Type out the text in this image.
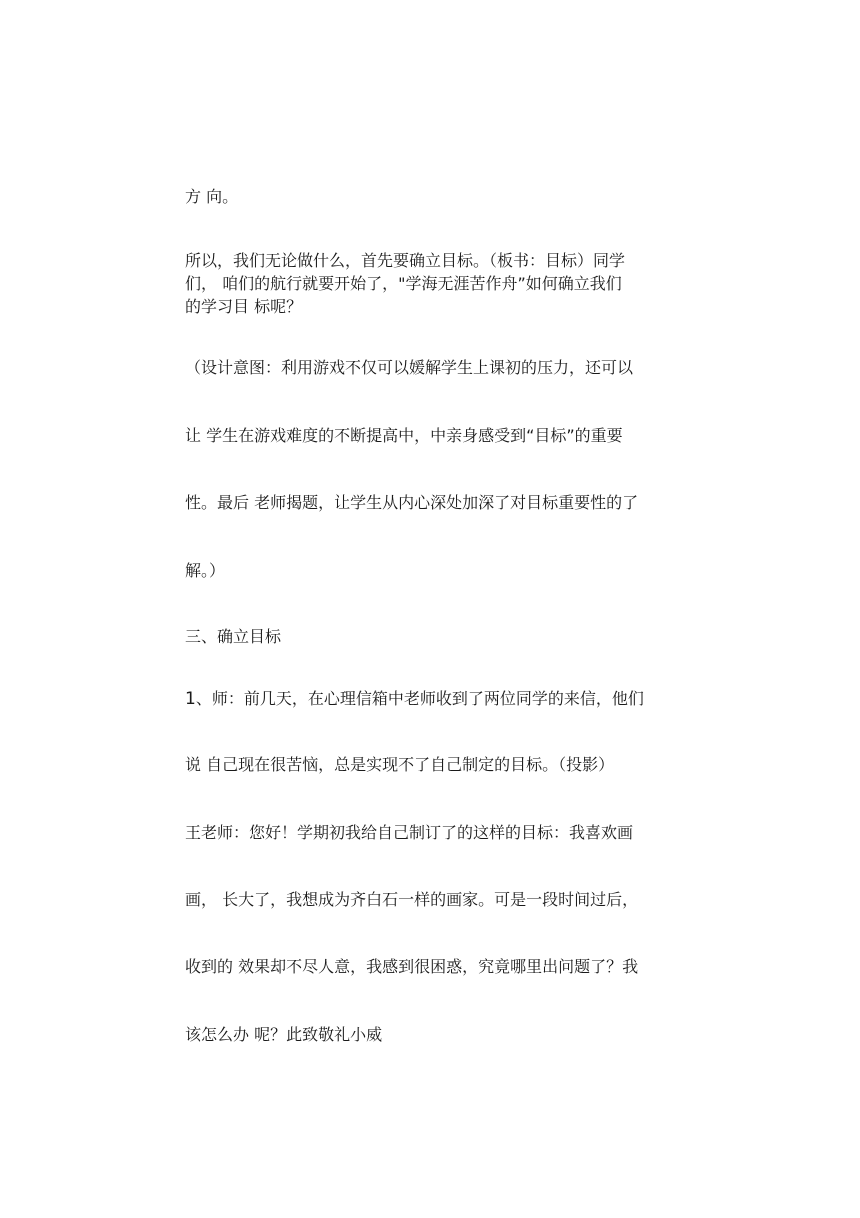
方 向。
所以，我们无论做什么，首先要确立目标。（板书：目标）同学
们， 咱们的航行就要开始了，"学海无涯苦作舟”如何确立我们
的学习目 标呢？
（设计意图：利用游戏不仅可以媛解学生上课初的压力，还可以
让 学生在游戏难度的不断提高中，中亲身感受到“目标”的重要
性。最后 老师揭题，让学生从内心深处加深了对目标重要性的了
解。）
三、确立目标
1、师：前几天，在心理信箱中老师收到了两位同学的来信，他们
说 自己现在很苦恼，总是实现不了自己制定的目标。（投影）
王老师：您好！学期初我给自己制订了的这样的目标：我喜欢画
画， 长大了，我想成为齐白石一样的画家。可是一段时间过后，
收到的 效果却不尽人意，我感到很困惑，究竟哪里出问题了？我
该怎么办 呢？此致敬礼小威
